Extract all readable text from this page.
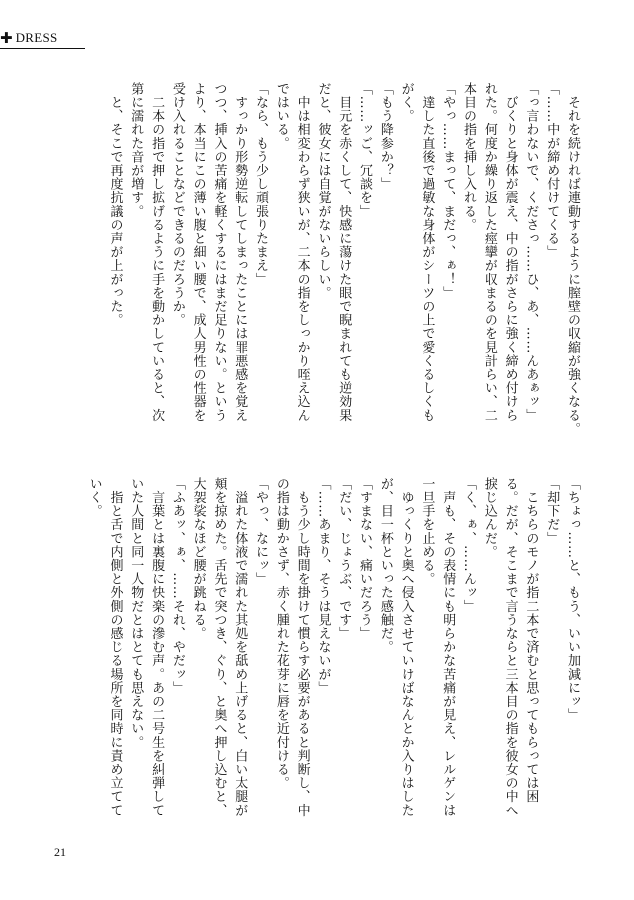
✚ DRESS

　それを続ければ連動するように膣壁の収縮が強くなる。

「……中が締め付けてくる」

「っ言わないで、くださっ……ひ、あ、……んあぁッ」

　びくりと身体が震え、中の指がさらに強く締め付けら

れた。何度か繰り返した痙攣が収まるのを見計らい、二

本目の指を挿し入れる。

「やっ……まって、まだっ、ぁ！」

　達した直後で過敏な身体がシーツの上で愛くるしくも

がく。

「もう降参か？」

「……ッご、冗談を」

　目元を赤くして、快感に蕩けた眼で睨まれても逆効果

だと、彼女には自覚がないらしい。

　中は相変わらず狭いが、二本の指をしっかり咥え込ん

ではいる。

「なら、もう少し頑張りたまえ」

　すっかり形勢逆転してしまったことには罪悪感を覚え

つつ、挿入の苦痛を軽くするにはまだ足りない。という

より、本当にこの薄い腹と細い腰で、成人男性の性器を

受け入れることなどできるのだろうか。

　二本の指で押し拡げるように手を動かしていると、次

第に濡れた音が増す。

　と、そこで再度抗議の声が上がった。

「ちょっ……と、もう、いい加減にッ」

「却下だ」

　こちらのモノが指二本で済むと思ってもらっては困

る。だが、そこまで言うならと三本目の指を彼女の中へ

捩じ込んだ。

「く、ぁ、……んッ」

　声も、その表情にも明らかな苦痛が見え、レルゲンは

一旦手を止める。

　ゆっくりと奥へ侵入させていけばなんとか入りはした

が、目一杯といった感触だ。

「すまない、痛いだろう」

「だい、じょうぶ、です」

「……あまり、そうは見えないが」

　もう少し時間を掛けて慣らす必要があると判断し、中

の指は動かさず、赤く腫れた花芽に唇を近付ける。

「やっ、なにッ」

　溢れた体液で濡れた其処を舐め上げると、白い太腿が

頬を掠めた。舌先で突つき、ぐり、と奥へ押し込むと、

大袈裟なほど腰が跳ねる。

「ふあッ、ぁ、……それ、やだッ」

　言葉とは裏腹に快楽の滲む声。あの二号生を糾弾して

いた人間と同一人物だとはとても思えない。

　指と舌で内側と外側の感じる場所を同時に責め立てて

いく。

21
